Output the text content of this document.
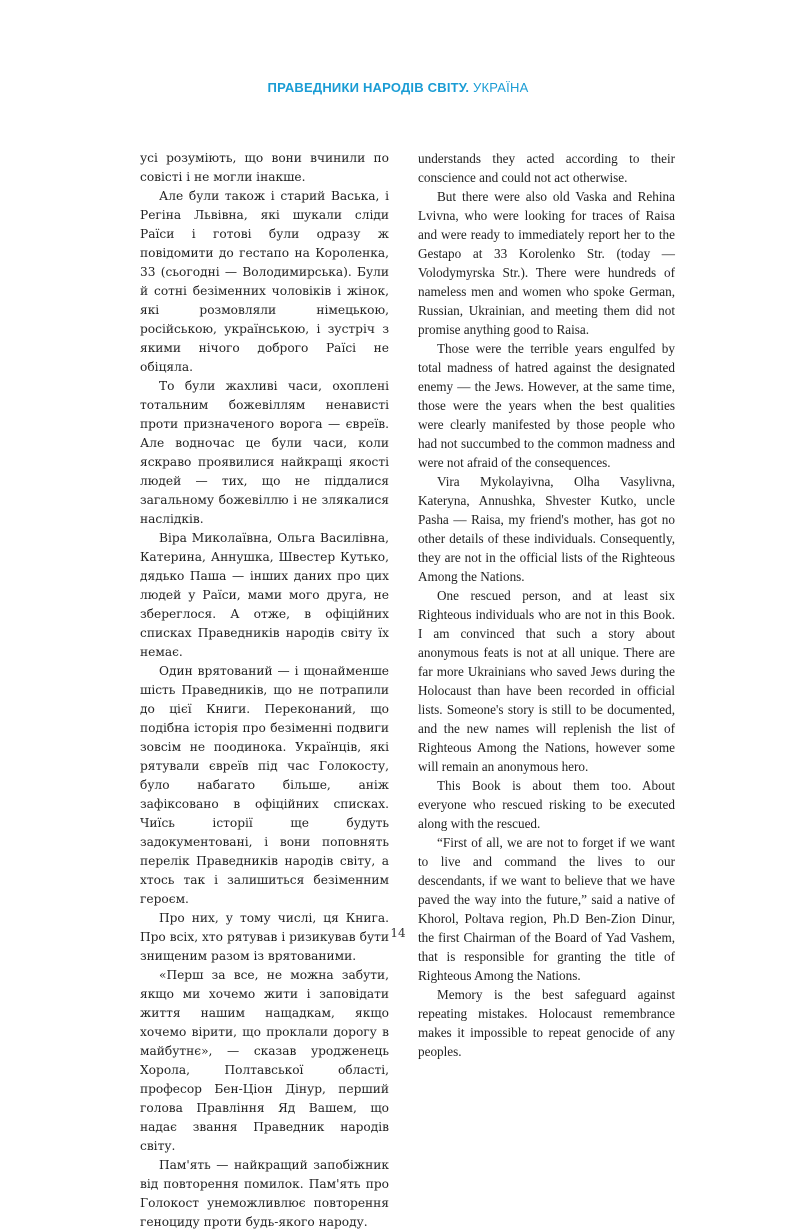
ПРАВЕДНИКИ НАРОДІВ СВІТУ. УКРАЇНА

усі розуміють, що вони вчинили по совісті і не могли інакше.

Але були також і старий Васька, і Регіна Львівна, які шукали сліди Раїси і готові були одразу ж повідомити до гестапо на Короленка, 33 (сьогодні — Володимирська). Були й сотні безіменних чоловіків і жінок, які розмовляли німецькою, російською, українською, і зустріч з якими нічого доброго Раїсі не обіцяла.

То були жахливі часи, охоплені тотальним божевіллям ненависті проти призначеного ворога — євреїв. Але водночас це були часи, коли яскраво проявилися найкращі якості людей — тих, що не піддалися загальному божевіллю і не злякалися наслідків.

Віра Миколаївна, Ольга Василівна, Катерина, Аннушка, Швестер Кутько, дядько Паша — інших даних про цих людей у Раїси, мами мого друга, не збереглося. А отже, в офіційних списках Праведників народів світу їх немає.

Один врятований — і щонайменше шість Праведників, що не потрапили до цієї Книги. Переконаний, що подібна історія про безіменні подвиги зовсім не поодинока. Українців, які рятували євреїв під час Голокосту, було набагато більше, аніж зафіксовано в офіційних списках. Чиїсь історії ще будуть задокументовані, і вони поповнять перелік Праведників народів світу, а хтось так і залишиться безіменним героєм.

Про них, у тому числі, ця Книга. Про всіх, хто рятував і ризикував бути знищеним разом із врятованими.

«Перш за все, не можна забути, якщо ми хочемо жити і заповідати життя нашим нащадкам, якщо хочемо вірити, що проклали дорогу в майбутнє», — сказав уродженець Хорола, Полтавської області, професор Бен-Ціон Дінур, перший голова Правління Яд Вашем, що надає звання Праведник народів світу.

Пам'ять — найкращий запобіжник від повторення помилок. Пам'ять про Голокост унеможливлює повторення геноциду проти будь-якого народу.

understands they acted according to their conscience and could not act otherwise.

But there were also old Vaska and Rehina Lvivna, who were looking for traces of Raisa and were ready to immediately report her to the Gestapo at 33 Korolenko Str. (today — Volodymyrska Str.). There were hundreds of nameless men and women who spoke German, Russian, Ukrainian, and meeting them did not promise anything good to Raisa.

Those were the terrible years engulfed by total madness of hatred against the designated enemy — the Jews. However, at the same time, those were the years when the best qualities were clearly manifested by those people who had not succumbed to the common madness and were not afraid of the consequences.

Vira Mykolayivna, Olha Vasylivna, Kateryna, Annushka, Shvester Kutko, uncle Pasha — Raisa, my friend's mother, has got no other details of these individuals. Consequently, they are not in the official lists of the Righteous Among the Nations.

One rescued person, and at least six Righteous individuals who are not in this Book. I am convinced that such a story about anonymous feats is not at all unique. There are far more Ukrainians who saved Jews during the Holocaust than have been recorded in official lists. Someone's story is still to be documented, and the new names will replenish the list of Righteous Among the Nations, however some will remain an anonymous hero.

This Book is about them too. About everyone who rescued risking to be executed along with the rescued.

“First of all, we are not to forget if we want to live and command the lives to our descendants, if we want to believe that we have paved the way into the future,” said a native of Khorol, Poltava region, Ph.D Ben-Zion Dinur, the first Chairman of the Board of Yad Vashem, that is responsible for granting the title of Righteous Among the Nations.

Memory is the best safeguard against repeating mistakes. Holocaust remembrance makes it impossible to repeat genocide of any peoples.

14
